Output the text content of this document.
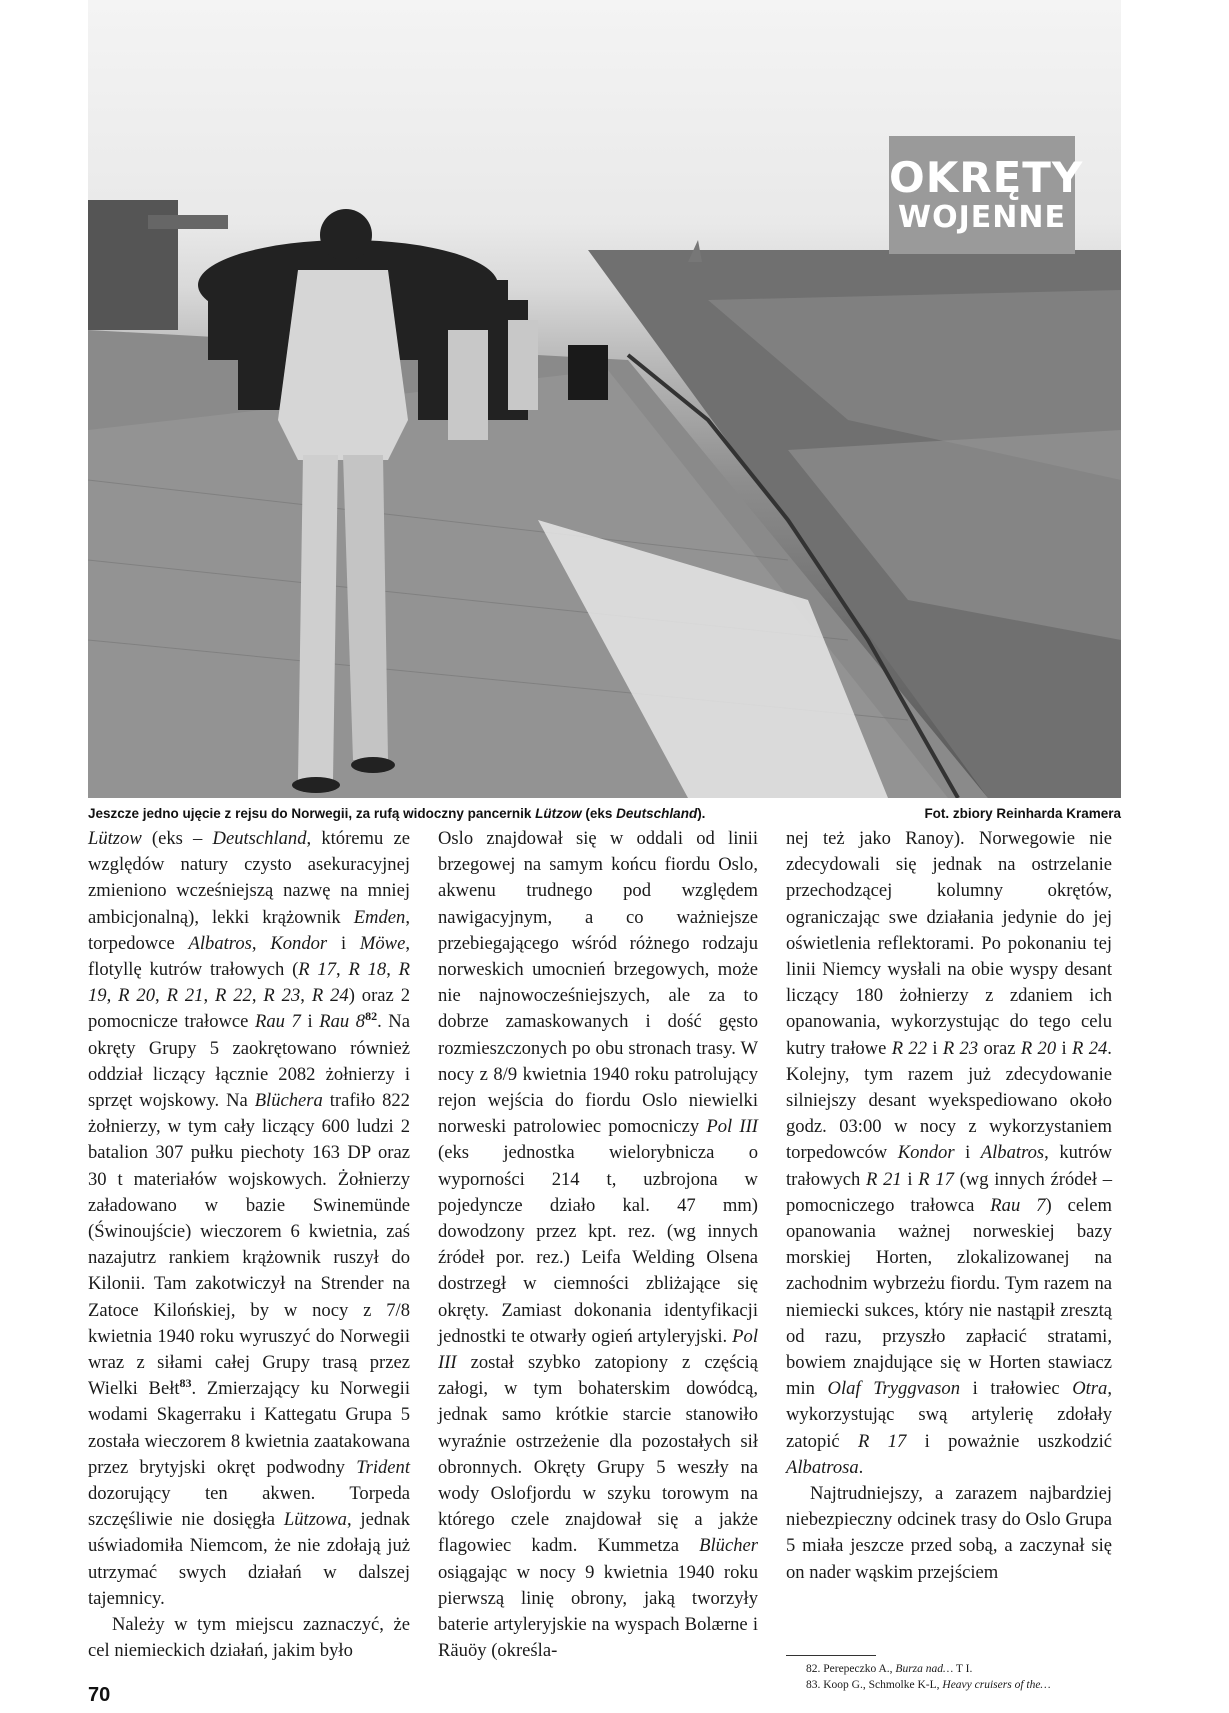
OKRĘTY
WOJENNE
Jeszcze jedno ujęcie z rejsu do Norwegii, za rufą widoczny pancernik Lützow (eks Deutschland).	Fot. zbiory Reinharda Kramera

Lützow (eks – Deutschland, któremu ze względów natury czysto asekuracyjnej zmieniono wcześniejszą nazwę na mniej ambicjonalną), lekki krążownik Emden, torpedowce Albatros, Kondor i Möwe, flotyllę kutrów trałowych (R 17, R 18, R 19, R 20, R 21, R 22, R 23, R 24) oraz 2 pomocnicze trałowce Rau 7 i Rau $8^{82}$. Na okręty Grupy 5 zaokrętowano również oddział liczący łącznie 2082 żołnierzy i sprzęt wojskowy. Na Blüchera trafiło 822 żołnierzy, w tym cały liczący 600 ludzi 2 batalion 307 pułku piechoty 163 DP oraz 30 t materiałów wojskowych. Żołnierzy załadowano w bazie Swinemünde (Świnoujście) wieczorem 6 kwietnia, zaś nazajutrz rankiem krążownik ruszył do Kilonii. Tam zakotwiczył na Strender na Zatoce Kilońskiej, by w nocy z 7/8 kwietnia 1940 roku wyruszyć do Norwegii wraz z siłami całej Grupy trasą przez Wielki Bełt$^{83}$. Zmierzający ku Norwegii wodami Skagerraku i Kattegatu Grupa 5 została wieczorem 8 kwietnia zaatakowana przez brytyjski okręt podwodny Trident dozorujący ten akwen. Torpeda szczęśliwie nie dosięgła Lützowa, jednak uświadomiła Niemcom, że nie zdołają już utrzymać swych działań w dalszej tajemnicy.

Należy w tym miejscu zaznaczyć, że cel niemieckich działań, jakim było

Oslo znajdował się w oddali od linii brzegowej na samym końcu fiordu Oslo, akwenu trudnego pod względem nawigacyjnym, a co ważniejsze przebiegającego wśród różnego rodzaju norweskich umocnień brzegowych, może nie najnowocześniejszych, ale za to dobrze zamaskowanych i dość gęsto rozmieszczonych po obu stronach trasy. W nocy z 8/9 kwietnia 1940 roku patrolujący rejon wejścia do fiordu Oslo niewielki norweski patrolowiec pomocniczy Pol III (eks jednostka wielorybnicza o wyporności 214 t, uzbrojona w pojedyncze działo kal. 47 mm) dowodzony przez kpt. rez. (wg innych źródeł por. rez.) Leifa Welding Olsena dostrzegł w ciemności zbliżające się okręty. Zamiast dokonania identyfikacji jednostki te otwarły ogień artyleryjski. Pol III został szybko zatopiony z częścią załogi, w tym bohaterskim dowódcą, jednak samo krótkie starcie stanowiło wyraźnie ostrzeżenie dla pozostałych sił obronnych. Okręty Grupy 5 weszły na wody Oslofjordu w szyku torowym na którego czele znajdował się a jakże flagowiec kadm. Kummetza Blücher osiągając w nocy 9 kwietnia 1940 roku pierwszą linię obrony, jaką tworzyły baterie artyleryjskie na wyspach Bolærne i Räuöy (określa-

nej też jako Ranoy). Norwegowie nie zdecydowali się jednak na ostrzelanie przechodzącej kolumny okrętów, ograniczając swe działania jedynie do jej oświetlenia reflektorami. Po pokonaniu tej linii Niemcy wysłali na obie wyspy desant liczący 180 żołnierzy z zdaniem ich opanowania, wykorzystując do tego celu kutry trałowe R 22 i R 23 oraz R 20 i R 24. Kolejny, tym razem już zdecydowanie silniejszy desant wyekspediowano około godz. 03:00 w nocy z wykorzystaniem torpedowców Kondor i Albatros, kutrów trałowych R 21 i R 17 (wg innych źródeł – pomocniczego trałowca Rau 7) celem opanowania ważnej norweskiej bazy morskiej Horten, zlokalizowanej na zachodnim wybrzeżu fiordu. Tym razem na niemiecki sukces, który nie nastąpił zresztą od razu, przyszło zapłacić stratami, bowiem znajdujące się w Horten stawiacz min Olaf Tryggvason i trałowiec Otra, wykorzystując swą artylerię zdołały zatopić R 17 i poważnie uszkodzić Albatrosa.

Najtrudniejszy, a zarazem najbardziej niebezpieczny odcinek trasy do Oslo Grupa 5 miała jeszcze przed sobą, a zaczynał się on nader wąskim przejściem

82. Perepeczko A., Burza nad… T I.
83. Koop G., Schmolke K-L, Heavy cruisers of the…
70
